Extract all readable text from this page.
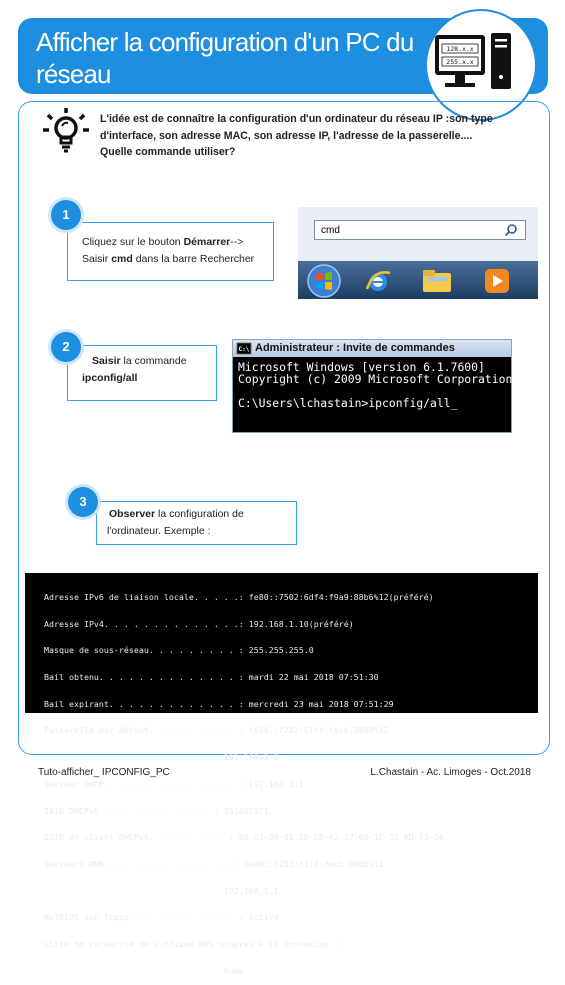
Afficher la configuration d'un PC du
réseau
128.x.x
255.x.x
L'idée est de connaître la configuration d'un ordinateur du réseau IP :son type
d'interface, son adresse MAC, son adresse IP, l'adresse de la passerelle....
Quelle commande utiliser?
Cliquez sur le bouton Démarrer-->
Saisir cmd dans la barre Rechercher
1
cmd
Saisir la commande
ipconfig/all
2	C:\ Administrateur : Invite de commandes
Microsoft Windows [version 6.1.7600]
Copyright (c) 2009 Microsoft Corporation
C:\Users\lchastain>ipconfig/all_
Observer la configuration de
l'ordinateur. Exemple :
3

Adresse IPv6 de liaison locale. . . . .: fe80::7502:6df4:f9a9:88b6%12(préféré)

Adresse IPv4. . . . . . . . . . . . . .: 192.168.1.10(préféré)

Masque de sous-réseau. . . . . . . . . : 255.255.255.0

Bail obtenu. . . . . . . . . . . . . . : mardi 22 mai 2018 07:51:30

Bail expirant. . . . . . . . . . . . . : mercredi 23 mai 2018 07:51:29

Passerelle par défaut. . . . . . . . . : fe80::f282:61ff:fecb:88d8%12

192.168.1.1

Serveur DHCP . . . . . . . . . . . . . : 192.168.1.1

IAID DHCPv6 . . . . . . . . . . . : 251665971

DUID de client DHCPv6. . . . . . . . : 00-01-00-01-1B-CB-42-27-00-1E-33-AD-73-34

Serveurs DNS. . . . . . . . . . . . . : fe80::f282:61ff:fecb:88d8%12

192.168.1.1

NetBIOS sur Tcpip. . . . . . . . . . . : Activé

Liste de recherche de suffixes DNS propres à la connexion :

home

Tuto-afficher_ IPCONFIG_PC	L.Chastain - Ac. Limoges - Oct.2018
